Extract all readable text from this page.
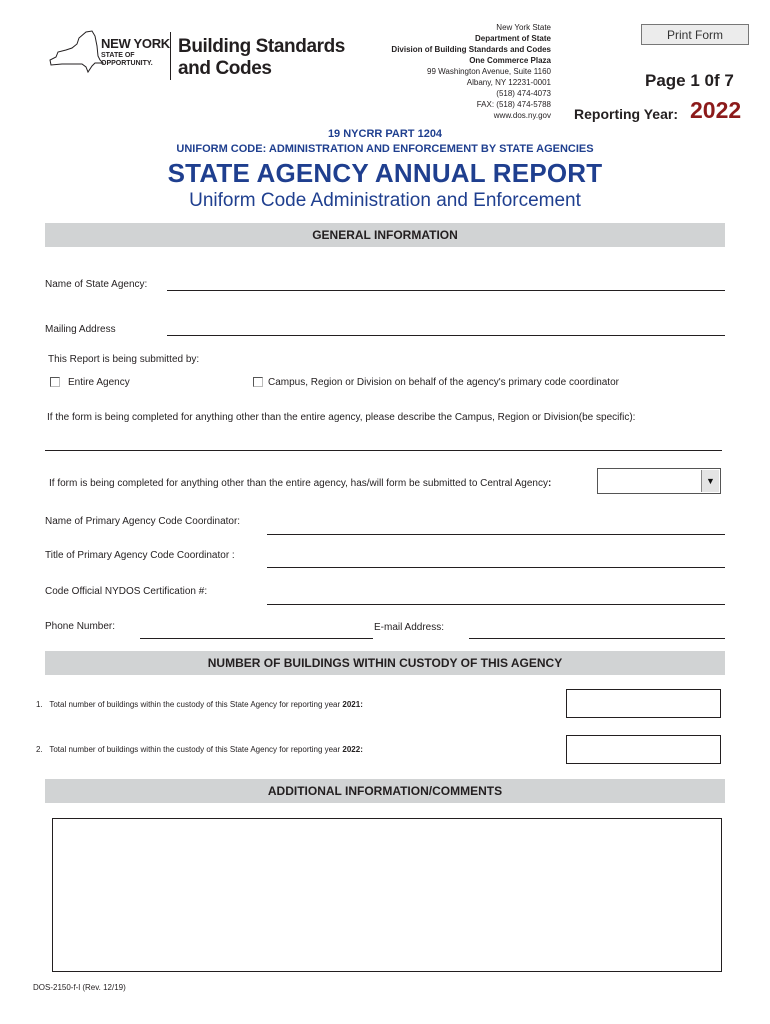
NEW YORK
STATE OF OPPORTUNITY.
Building Standards and Codes
New York State
Department of State
Division of Building Standards and Codes
One Commerce Plaza
99 Washington Avenue, Suite 1160
Albany, NY 12231-0001
(518) 474-4073
FAX: (518) 474-5788
www.dos.ny.gov
Print Form
Page 1 0f 7
Reporting Year: 2022
19 NYCRR PART 1204
UNIFORM CODE: ADMINISTRATION AND ENFORCEMENT BY STATE AGENCIES
STATE AGENCY ANNUAL REPORT
Uniform Code Administration and Enforcement
GENERAL INFORMATION
Name of State Agency:
Mailing Address
This Report is being submitted by:
Entire Agency	Campus, Region or Division on behalf of the agency's primary code coordinator
If the form is being completed for anything other than the entire agency, please describe the Campus, Region or Division(be specific):
If form is being completed for anything other than the entire agency, has/will form be submitted to Central Agency:	▼
Name of Primary Agency Code Coordinator:
Title of Primary Agency Code Coordinator :
Code Official NYDOS Certification #:
Phone Number:	E-mail Address:
NUMBER OF BUILDINGS WITHIN CUSTODY OF THIS AGENCY
1. Total number of buildings within the custody of this State Agency for reporting year 2021:
2. Total number of buildings within the custody of this State Agency for reporting year 2022:
ADDITIONAL INFORMATION/COMMENTS
DOS-2150-f-l (Rev. 12/19)
